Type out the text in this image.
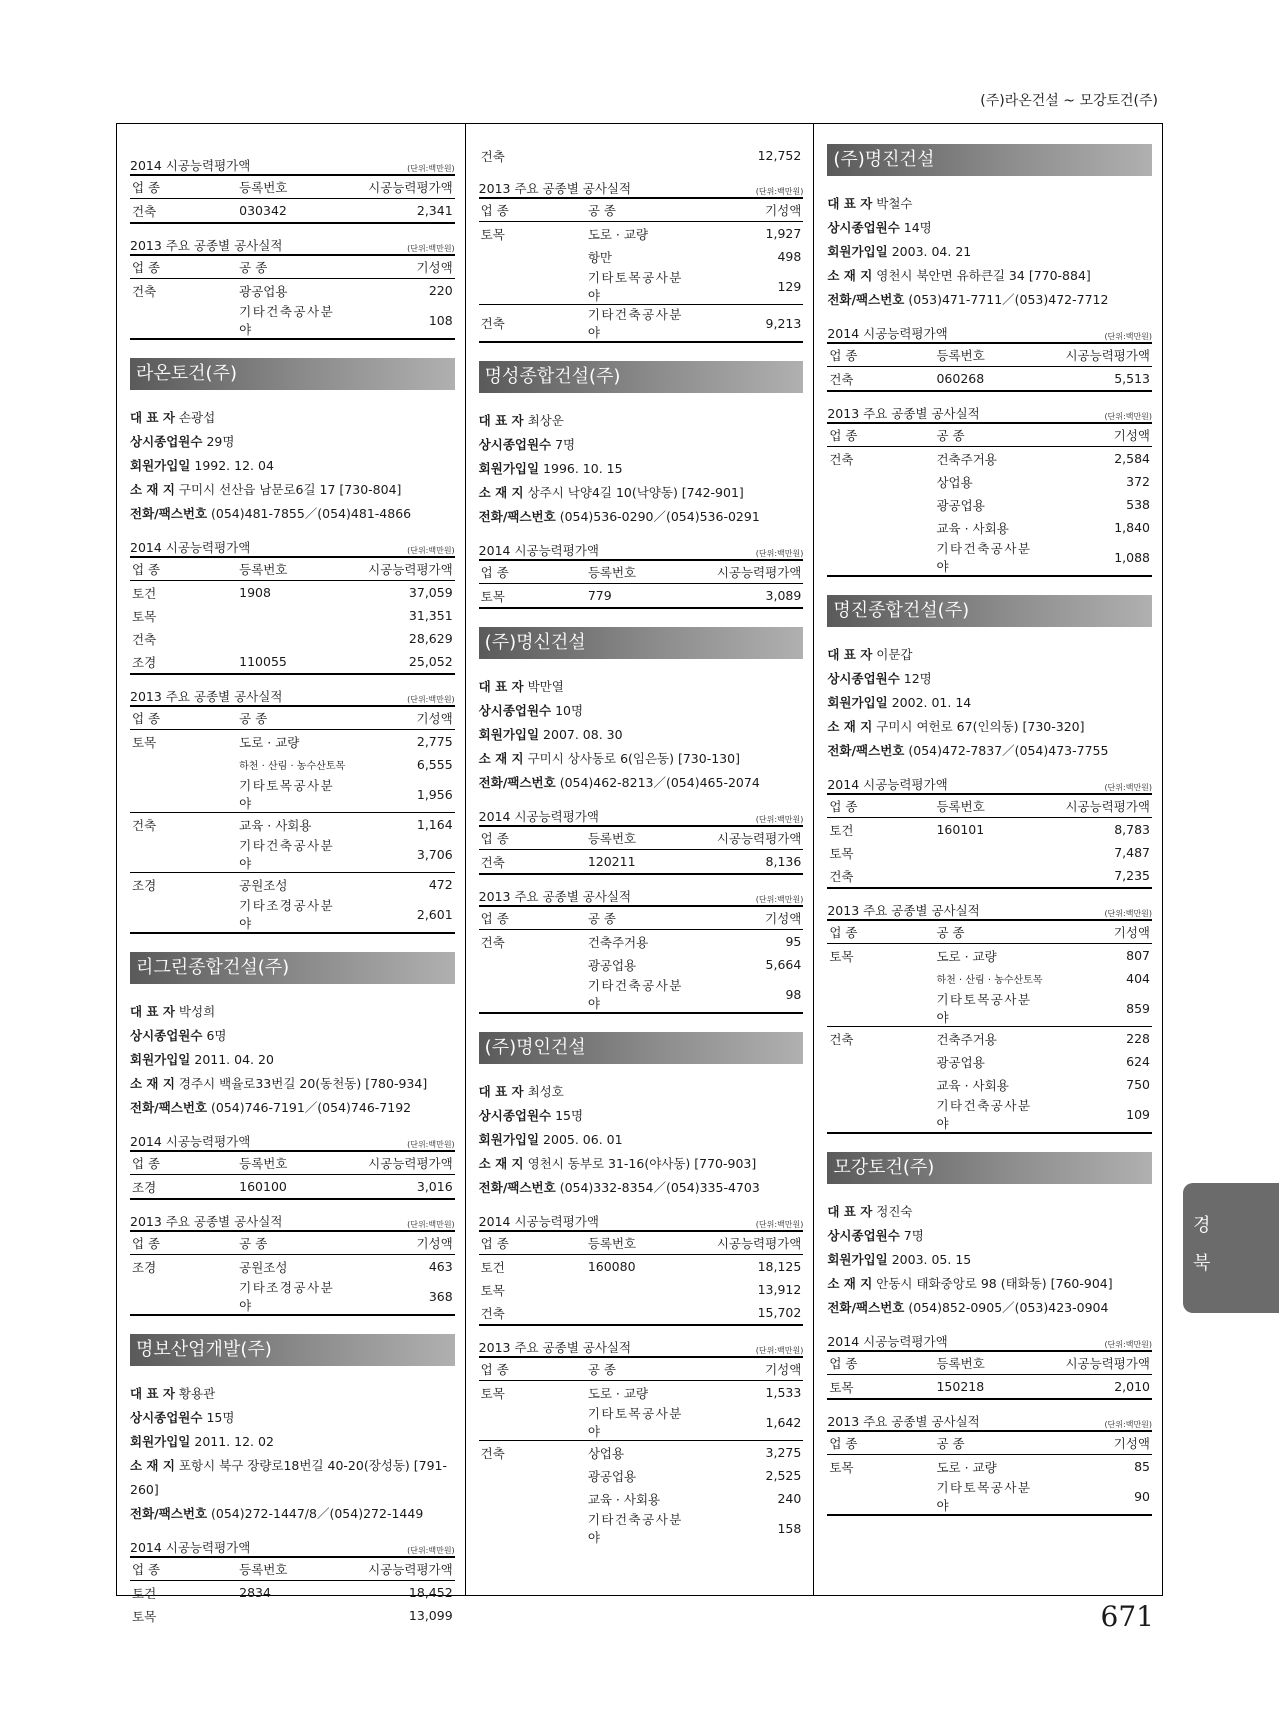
(주)라온건설 ~ 모강토건(주)
2014 시공능력평가액	(단위:백만원)
업 종	등록번호	시공능력평가액
건축	030342	2,341
2013 주요 공종별 공사실적	(단위:백만원)
업 종	공 종	기성액
건축	광공업용	220
	기타건축공사분야	108
라온토건(주)
대 표 자 손광섭
상시종업원수 29명
회원가입일 1992. 12. 04
소 재 지 구미시 선산읍 남문로6길 17 [730-804]
전화/팩스번호 (054)481-7855／(054)481-4866
2014 시공능력평가액	(단위:백만원)
업 종	등록번호	시공능력평가액
토건	1908	37,059
토목		31,351
건축		28,629
조경	110055	25,052
2013 주요 공종별 공사실적	(단위:백만원)
업 종	공 종	기성액
토목	도로 · 교량	2,775
	하천 · 산림 · 농수산토목	6,555
	기타토목공사분야	1,956
건축	교육 · 사회용	1,164
	기타건축공사분야	3,706
조경	공원조성	472
	기타조경공사분야	2,601
리그린종합건설(주)
대 표 자 박성희
상시종업원수 6명
회원가입일 2011. 04. 20
소 재 지 경주시 백율로33번길 20(동천동) [780-934]
전화/팩스번호 (054)746-7191／(054)746-7192
2014 시공능력평가액	(단위:백만원)
업 종	등록번호	시공능력평가액
조경	160100	3,016
2013 주요 공종별 공사실적	(단위:백만원)
업 종	공 종	기성액
조경	공원조성	463
	기타조경공사분야	368
명보산업개발(주)
대 표 자 황용관
상시종업원수 15명
회원가입일 2011. 12. 02
소 재 지 포항시 북구 장량로18번길 40-20(장성동) [791-260]
전화/팩스번호 (054)272-1447/8／(054)272-1449
2014 시공능력평가액	(단위:백만원)
업 종	등록번호	시공능력평가액
토건	2834	18,452
토목		13,099
건축		12,752
2013 주요 공종별 공사실적	(단위:백만원)
업 종	공 종	기성액
토목	도로 · 교량	1,927
	항만	498
	기타토목공사분야	129
건축	기타건축공사분야	9,213
명성종합건설(주)
대 표 자 최상운
상시종업원수 7명
회원가입일 1996. 10. 15
소 재 지 상주시 낙양4길 10(낙양동) [742-901]
전화/팩스번호 (054)536-0290／(054)536-0291
2014 시공능력평가액	(단위:백만원)
업 종	등록번호	시공능력평가액
토목	779	3,089
(주)명신건설
대 표 자 박만열
상시종업원수 10명
회원가입일 2007. 08. 30
소 재 지 구미시 상사동로 6(임은동) [730-130]
전화/팩스번호 (054)462-8213／(054)465-2074
2014 시공능력평가액	(단위:백만원)
업 종	등록번호	시공능력평가액
건축	120211	8,136
2013 주요 공종별 공사실적	(단위:백만원)
업 종	공 종	기성액
건축	건축주거용	95
	광공업용	5,664
	기타건축공사분야	98
(주)명인건설
대 표 자 최성호
상시종업원수 15명
회원가입일 2005. 06. 01
소 재 지 영천시 동부로 31-16(야사동) [770-903]
전화/팩스번호 (054)332-8354／(054)335-4703
2014 시공능력평가액	(단위:백만원)
업 종	등록번호	시공능력평가액
토건	160080	18,125
토목		13,912
건축		15,702
2013 주요 공종별 공사실적	(단위:백만원)
업 종	공 종	기성액
토목	도로 · 교량	1,533
	기타토목공사분야	1,642
건축	상업용	3,275
	광공업용	2,525
	교육 · 사회용	240
	기타건축공사분야	158
(주)명진건설
대 표 자 박철수
상시종업원수 14명
회원가입일 2003. 04. 21
소 재 지 영천시 북안면 유하큰길 34 [770-884]
전화/팩스번호 (053)471-7711／(053)472-7712
2014 시공능력평가액	(단위:백만원)
업 종	등록번호	시공능력평가액
건축	060268	5,513
2013 주요 공종별 공사실적	(단위:백만원)
업 종	공 종	기성액
건축	건축주거용	2,584
	상업용	372
	광공업용	538
	교육 · 사회용	1,840
	기타건축공사분야	1,088
명진종합건설(주)
대 표 자 이문갑
상시종업원수 12명
회원가입일 2002. 01. 14
소 재 지 구미시 여헌로 67(인의동) [730-320]
전화/팩스번호 (054)472-7837／(054)473-7755
2014 시공능력평가액	(단위:백만원)
업 종	등록번호	시공능력평가액
토건	160101	8,783
토목		7,487
건축		7,235
2013 주요 공종별 공사실적	(단위:백만원)
업 종	공 종	기성액
토목	도로 · 교량	807
	하천 · 산림 · 농수산토목	404
	기타토목공사분야	859
건축	건축주거용	228
	광공업용	624
	교육 · 사회용	750
	기타건축공사분야	109
모강토건(주)
대 표 자 정진숙
상시종업원수 7명
회원가입일 2003. 05. 15
소 재 지 안동시 태화중앙로 98 (태화동) [760-904]
전화/팩스번호 (054)852-0905／(053)423-0904
2014 시공능력평가액	(단위:백만원)
업 종	등록번호	시공능력평가액
토목	150218	2,010
2013 주요 공종별 공사실적	(단위:백만원)
업 종	공 종	기성액
토목	도로 · 교량	85
	기타토목공사분야	90
경
북
671
